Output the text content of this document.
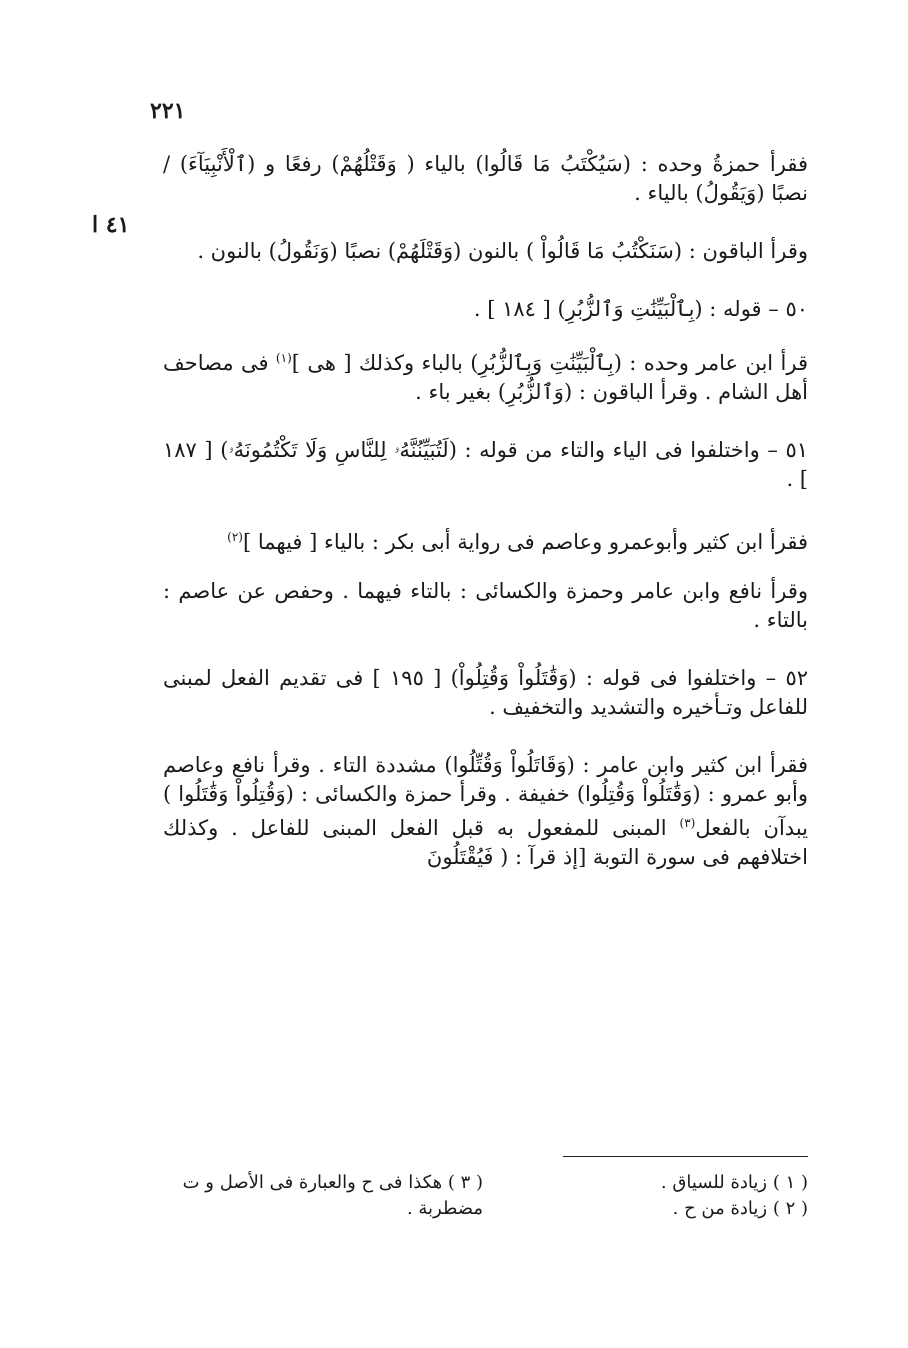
٢٢١
٤١ ا

فقرأ حمزةُ وحده : (سَيُكْتَبُ مَا قَالُوا) بالياء ( وَقَتْلُهُمْ) رفعًا و (ٱلْأَنْبِيَآءَ) / نصبًا (وَيَقُولُ) بالياء .

وقرأ الباقون : (سَنَكْتُبُ مَا قَالُواْ ) بالنون (وَقَتْلَهُمْ) نصبًا (وَنَقُولُ) بالنون .

٥٠ – قوله : (بِٱلْبَيِّنَٰتِ وَٱلزُّبُرِ) [ ١٨٤ ] .

قرأ ابن عامر وحده : (بِٱلْبَيِّنَٰتِ وَبِٱلزُّبُرِ) بالباء وكذلك [ هى ]$^{(١)}$ فى مصاحف أهل الشام . وقرأ الباقون : (وَٱلزُّبُرِ) بغير باء .

٥١ – واختلفوا فى الياء والتاء من قوله : (لَتُبَيِّنُنَّهُۥ لِلنَّاسِ وَلَا تَكْتُمُونَهُۥ) [ ١٨٧ ] .

فقرأ ابن كثير وأبوعمرو وعاصم فى رواية أبى بكر : بالياء [ فيهما ]$^{(٢)}$

وقرأ نافع وابن عامر وحمزة والكسائى : بالتاء فيهما . وحفص عن عاصم : بالتاء .

٥٢ – واختلفوا فى قوله : (وَقَٰتَلُواْ وَقُتِلُواْ) [ ١٩٥ ] فى تقديم الفعل لمبنى للفاعل وتـأخيره والتشديد والتخفيف .

فقرأ ابن كثير وابن عامر : (وَقَاتَلُواْ وَقُتِّلُوا) مشددة التاء . وقرأ نافع وعاصم وأبو عمرو : (وَقَٰتَلُواْ وَقُتِلُوا) خفيفة . وقرأ حمزة والكسائى : (وَقُتِلُواْ وَقَٰتَلُوا ) يبدآن بالفعل$^{(٣)}$ المبنى للمفعول به قبل الفعل المبنى للفاعل . وكذلك اختلافهم فى سورة التوبة [إذ قرآ : ( فَيُقْتَلُونَ

( ١ ) زيادة للسياق .

( ٢ ) زيادة من ح .

( ٣ ) هكذا فى ح والعبارة فى الأصل و ت مضطربة .
